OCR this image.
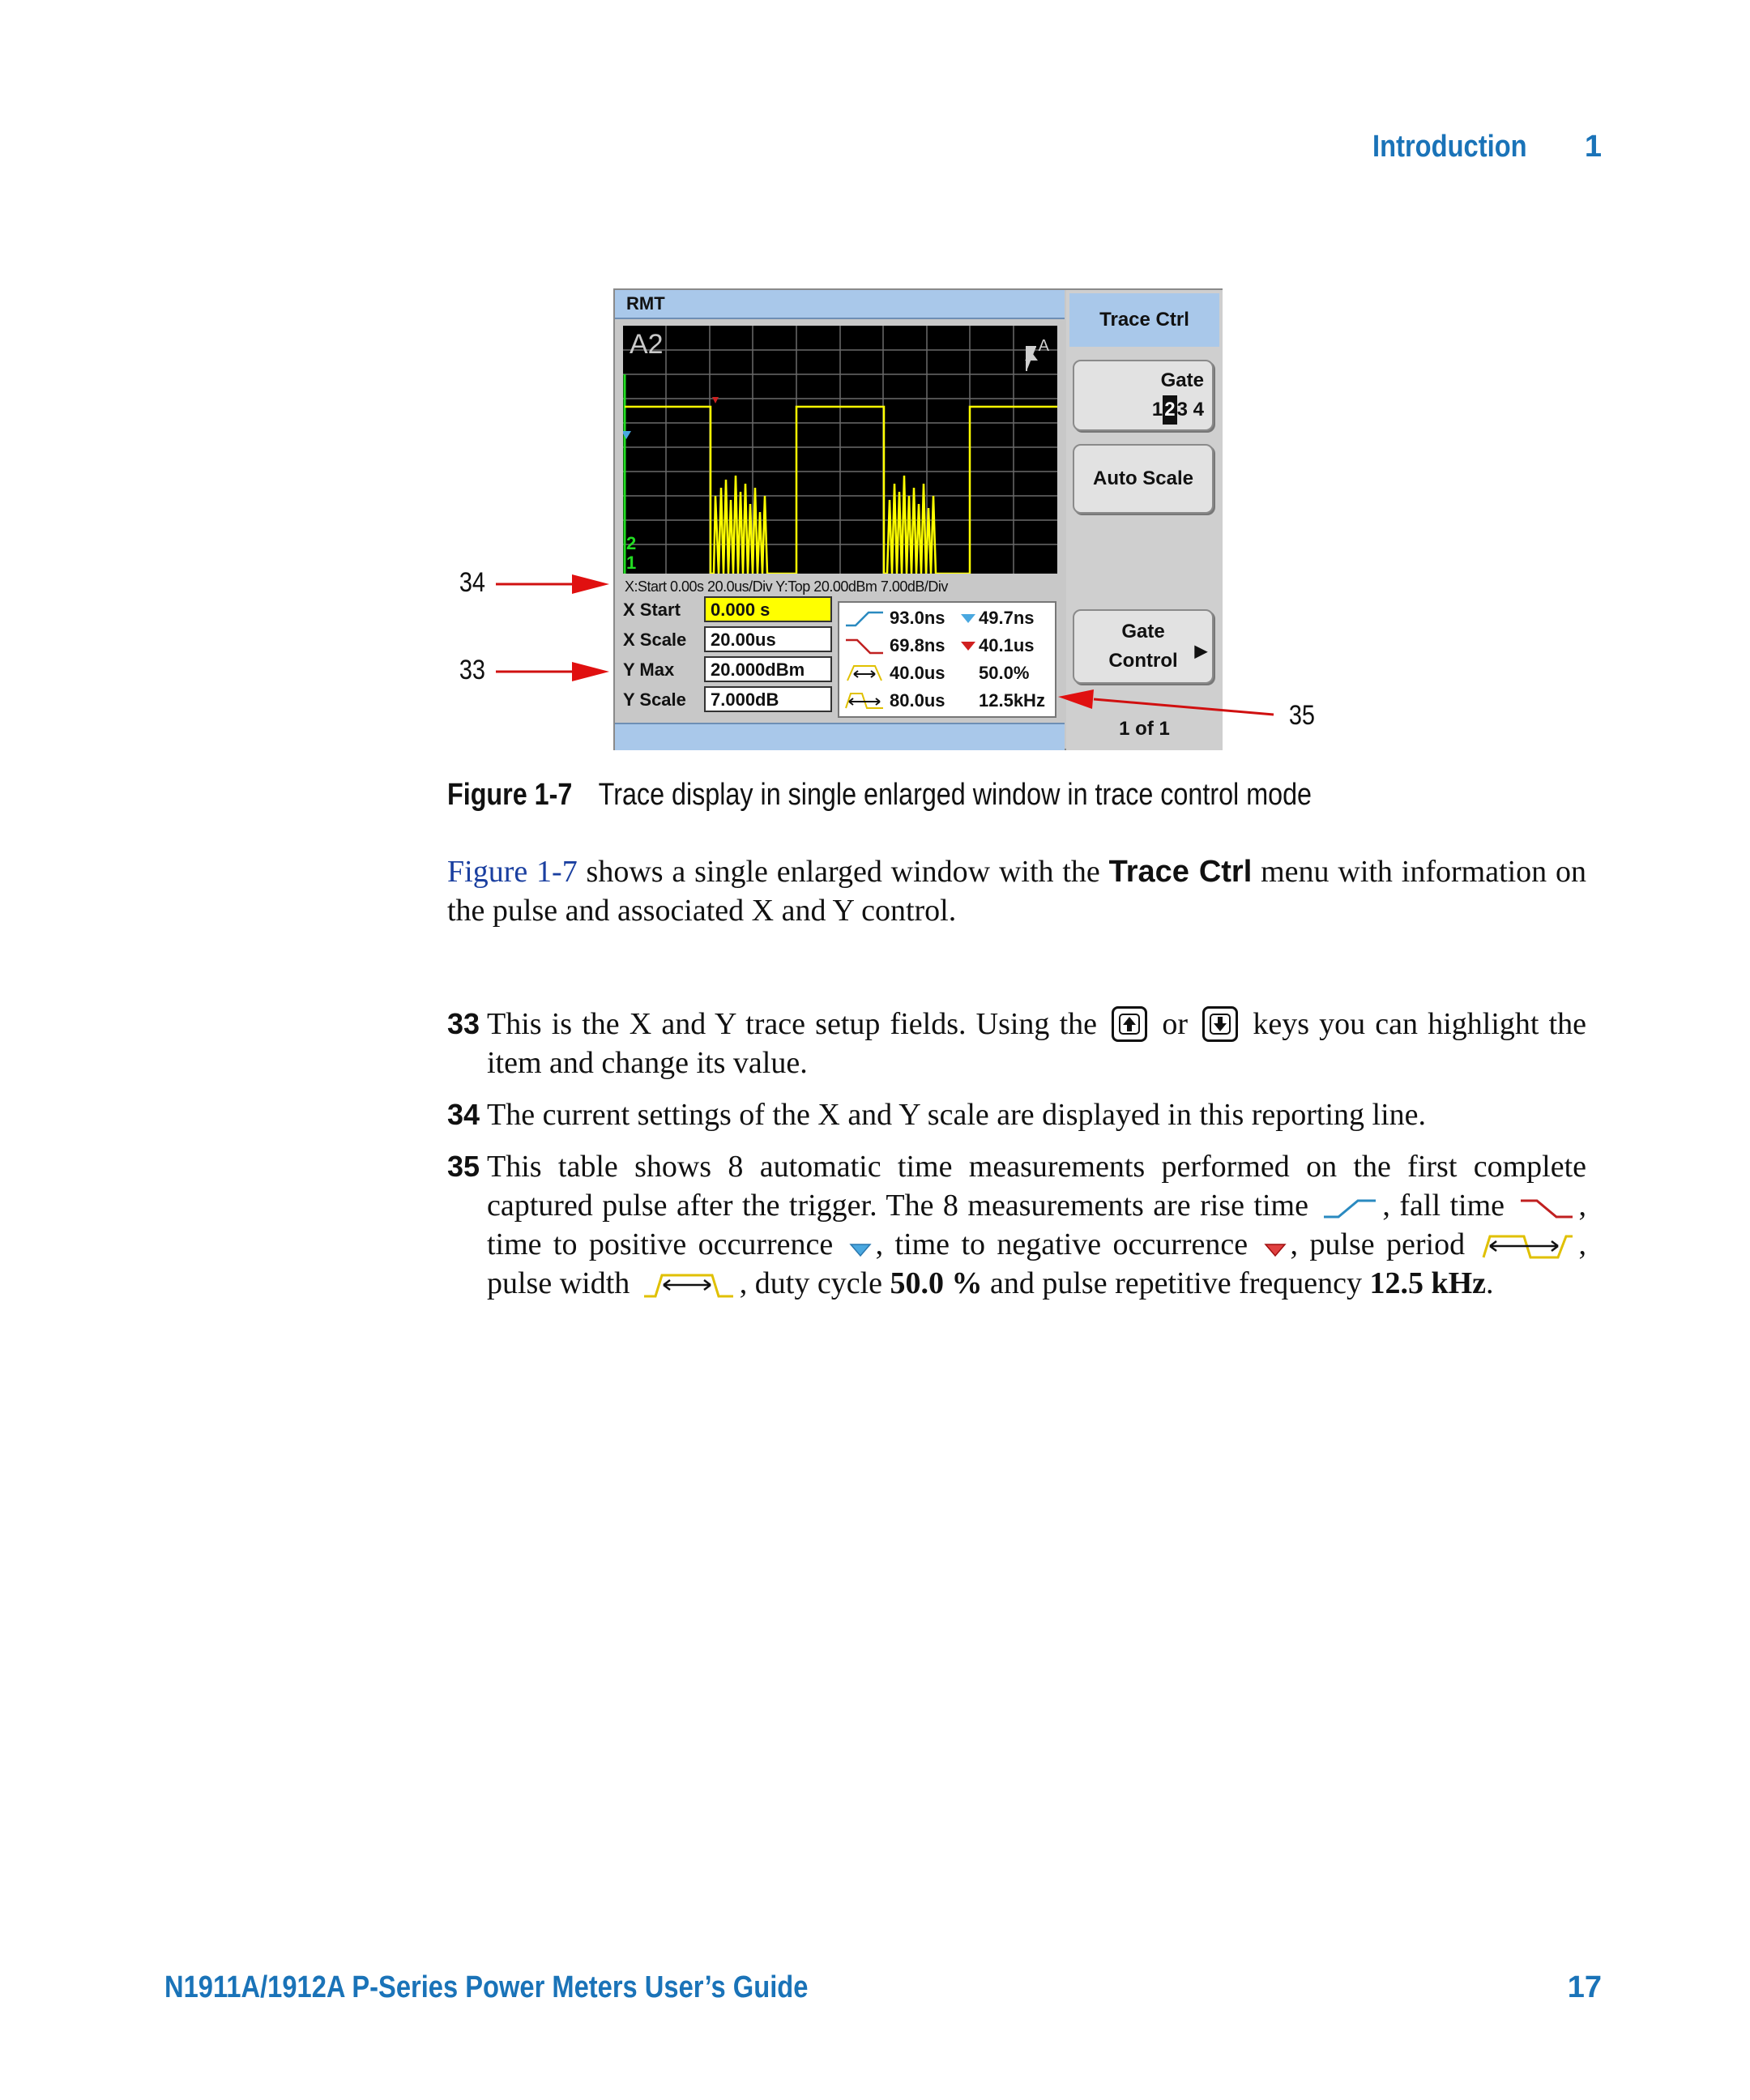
Introduction 1
RMT
2
1
A2	A
X:Start 0.00s 20.0us/Div Y:Top 20.00dBm 7.00dB/Div
X Start	0.000 s
X Scale	20.00us
Y Max	20.000dBm
Y Scale	7.000dB
93.0ns 49.7ns
69.8ns 40.1us
40.0us 50.0%
80.0us 12.5kHz
Trace Ctrl
Gate
123 4
Auto Scale
Gate
Control	▶
1 of 1
34
33
35
Figure 1-7 Trace display in single enlarged window in trace control mode
Figure 1-7 shows a single enlarged window with the Trace Ctrl menu with information on the pulse and associated X and Y control.
33 This is the X and Y trace setup fields. Using the
or
keys you can highlight the item and change its value.
34 The current settings of the X and Y scale are displayed in this reporting line.
35 This table shows 8 automatic time measurements performed on the first complete captured pulse after the trigger. The 8 measurements are rise time , fall time , time to positive occurrence , time to negative occurrence , pulse period	, pulse width	, duty cycle 50.0 % and pulse repetitive frequency 12.5 kHz.
N1911A/1912A P-Series Power Meters User’s Guide	17
